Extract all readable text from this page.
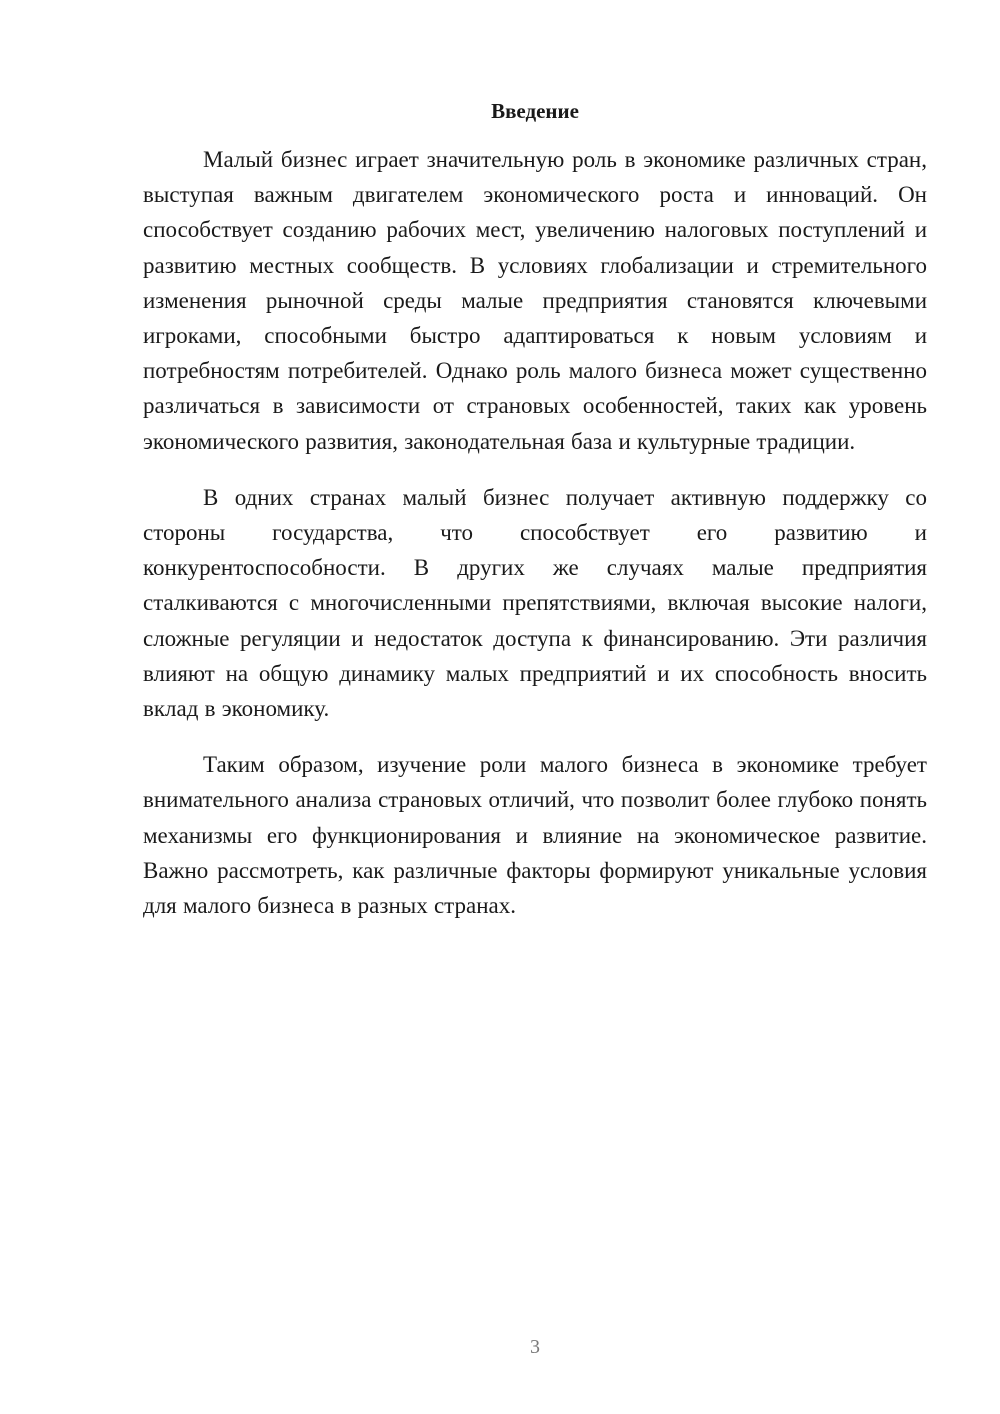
Введение

Малый бизнес играет значительную роль в экономике различных стран, выступая важным двигателем экономического роста и инноваций. Он способствует созданию рабочих мест, увеличению налоговых поступлений и развитию местных сообществ. В условиях глобализации и стремительного изменения рыночной среды малые предприятия становятся ключевыми игроками, способными быстро адаптироваться к новым условиям и потребностям потребителей. Однако роль малого бизнеса может существенно различаться в зависимости от страновых особенностей, таких как уровень экономического развития, законодательная база и культурные традиции.

В одних странах малый бизнес получает активную поддержку со стороны государства, что способствует его развитию и конкурентоспособности. В других же случаях малые предприятия сталкиваются с многочисленными препятствиями, включая высокие налоги, сложные регуляции и недостаток доступа к финансированию. Эти различия влияют на общую динамику малых предприятий и их способность вносить вклад в экономику.

Таким образом, изучение роли малого бизнеса в экономике требует внимательного анализа страновых отличий, что позволит более глубоко понять механизмы его функционирования и влияние на экономическое развитие. Важно рассмотреть, как различные факторы формируют уникальные условия для малого бизнеса в разных странах.

3
